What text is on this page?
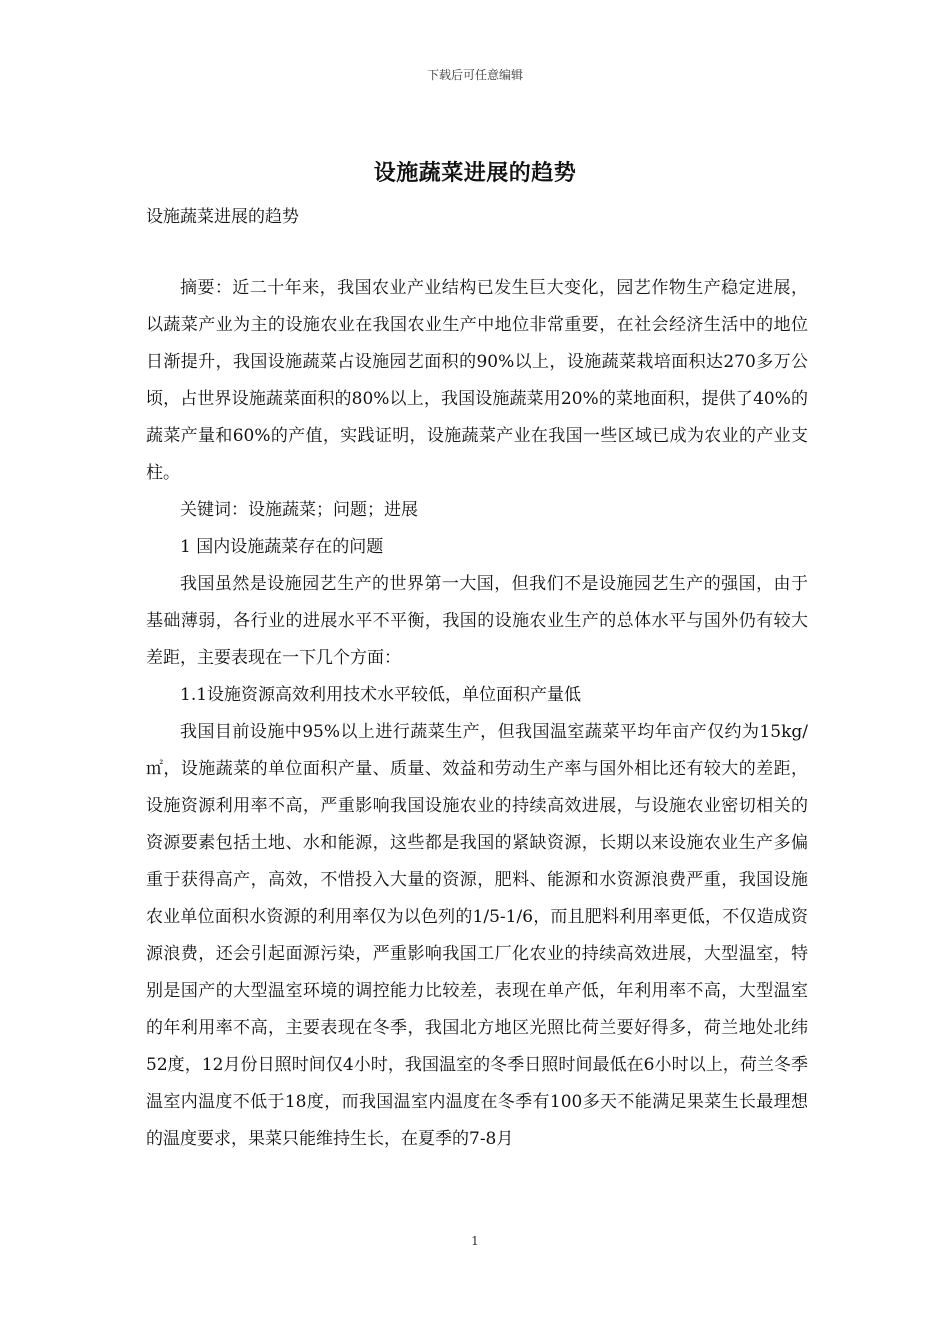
下载后可任意编辑
设施蔬菜进展的趋势
设施蔬菜进展的趋势

摘要：近二十年来，我国农业产业结构已发生巨大变化，园艺作物生产稳定进展，以蔬菜产业为主的设施农业在我国农业生产中地位非常重要，在社会经济生活中的地位日渐提升，我国设施蔬菜占设施园艺面积的90%以上，设施蔬菜栽培面积达270多万公顷，占世界设施蔬菜面积的80%以上，我国设施蔬菜用20%的菜地面积，提供了40%的蔬菜产量和60%的产值，实践证明，设施蔬菜产业在我国一些区域已成为农业的产业支柱。

关键词：设施蔬菜；问题；进展

1 国内设施蔬菜存在的问题

我国虽然是设施园艺生产的世界第一大国，但我们不是设施园艺生产的强国，由于基础薄弱，各行业的进展水平不平衡，我国的设施农业生产的总体水平与国外仍有较大差距，主要表现在一下几个方面：

1.1设施资源高效利用技术水平较低，单位面积产量低

我国目前设施中95%以上进行蔬菜生产，但我国温室蔬菜平均年亩产仅约为15kg/㎡，设施蔬菜的单位面积产量、质量、效益和劳动生产率与国外相比还有较大的差距，设施资源利用率不高，严重影响我国设施农业的持续高效进展，与设施农业密切相关的资源要素包括土地、水和能源，这些都是我国的紧缺资源，长期以来设施农业生产多偏重于获得高产，高效，不惜投入大量的资源，肥料、能源和水资源浪费严重，我国设施农业单位面积水资源的利用率仅为以色列的1/5-1/6，而且肥料利用率更低，不仅造成资源浪费，还会引起面源污染，严重影响我国工厂化农业的持续高效进展，大型温室，特别是国产的大型温室环境的调控能力比较差，表现在单产低，年利用率不高，大型温室的年利用率不高，主要表现在冬季，我国北方地区光照比荷兰要好得多，荷兰地处北纬52度，12月份日照时间仅4小时，我国温室的冬季日照时间最低在6小时以上，荷兰冬季温室内温度不低于18度，而我国温室内温度在冬季有100多天不能满足果菜生长最理想的温度要求，果菜只能维持生长，在夏季的7-8月

1
